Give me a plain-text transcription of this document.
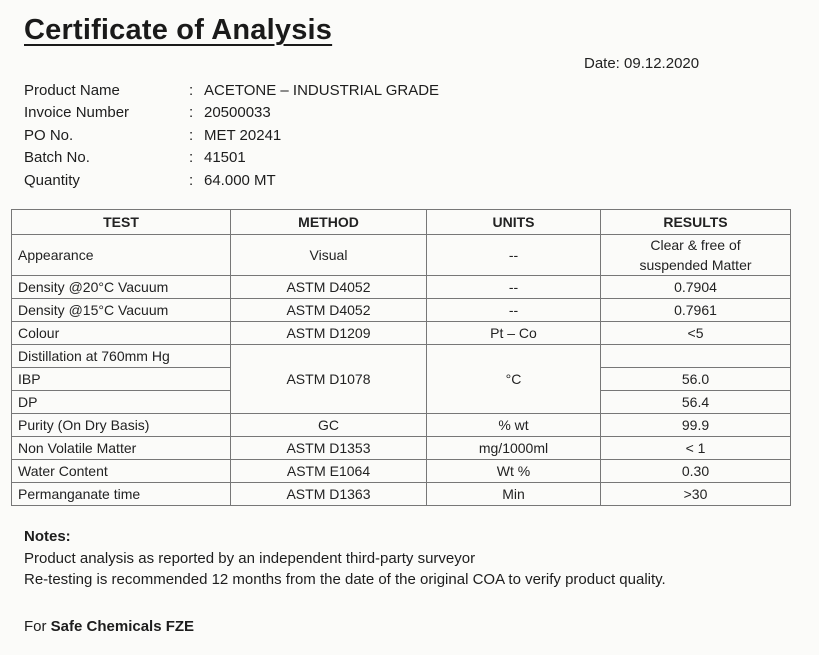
Certificate of Analysis
Date: 09.12.2020
Product Name	: ACETONE – INDUSTRIAL GRADE
Invoice Number	: 20500033
PO No.	: MET 20241
Batch No.	: 41501
Quantity	: 64.000 MT
TEST	METHOD	UNITS	RESULTS
Appearance	Visual	--	Clear & free of
suspended Matter

Density @20°C Vacuum	ASTM D4052	--	0.7904
Density @15°C Vacuum	ASTM D4052	--	0.7961
Colour	ASTM D1209	Pt – Co	<5
Distillation at 760mm Hg	ASTM D1078	°C	
IBP			56.0
DP			56.4
Purity (On Dry Basis)	GC	% wt	99.9
Non Volatile Matter	ASTM D1353	mg/1000ml	< 1
Water Content	ASTM E1064	Wt %	0.30
Permanganate time	ASTM D1363	Min	>30
Notes:
Product analysis as reported by an independent third-party surveyor
Re-testing is recommended 12 months from the date of the original COA to verify product quality.
For Safe Chemicals FZE
